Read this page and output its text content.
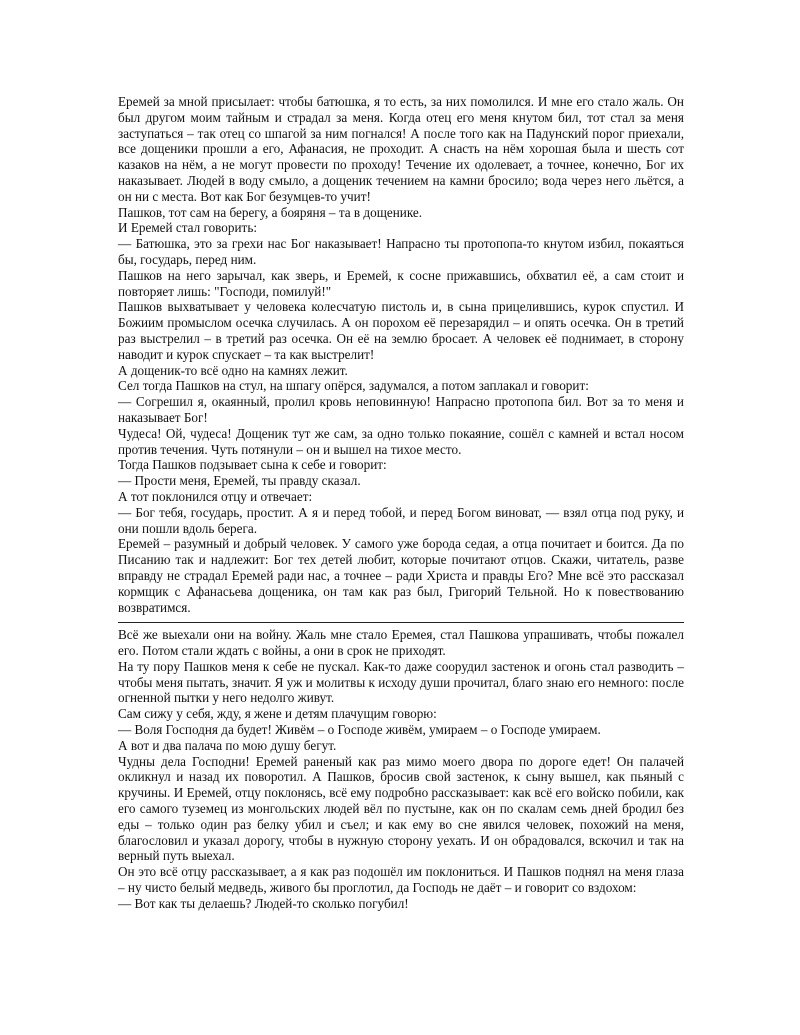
Еремей за мной присылает: чтобы батюшка, я то есть, за них помолился. И мне его стало жаль. Он был другом моим тайным и страдал за меня. Когда отец его меня кнутом бил, тот стал за меня заступаться – так отец со шпагой за ним погнался! А после того как на Падунский порог приехали, все дощеники прошли а его, Афанасия, не проходит. А снасть на нём хорошая была и шесть сот казаков на нём, а не могут провести по проходу! Течение их одолевает, а точнее, конечно, Бог их наказывает. Людей в воду смыло, а дощеник течением на камни бросило; вода через него льётся, а он ни с места. Вот как Бог безумцев-то учит!

Пашков, тот сам на берегу, а бояряня – та в дощенике.

И Еремей стал говорить:

— Батюшка, это за грехи нас Бог наказывает! Напрасно ты протопопа-то кнутом избил, покаяться бы, государь, перед ним.

Пашков на него зарычал, как зверь, и Еремей, к сосне прижавшись, обхватил её, а сам стоит и повторяет лишь: "Господи, помилуй!"

Пашков выхватывает у человека колесчатую пистоль и, в сына прицелившись, курок спустил. И Божиим промыслом осечка случилась. А он порохом её перезарядил – и опять осечка. Он в третий раз выстрелил – в третий раз осечка. Он её на землю бросает. А человек её поднимает, в сторону наводит и курок спускает – та как выстрелит!

А дощеник-то всё одно на камнях лежит.

Сел тогда Пашков на стул, на шпагу опёрся, задумался, а потом заплакал и говорит:

— Согрешил я, окаянный, пролил кровь неповинную! Напрасно протопопа бил. Вот за то меня и наказывает Бог!

Чудеса! Ой, чудеса! Дощеник тут же сам, за одно только покаяние, сошёл с камней и встал носом против течения. Чуть потянули – он и вышел на тихое место.

Тогда Пашков подзывает сына к себе и говорит:

— Прости меня, Еремей, ты правду сказал.

А тот поклонился отцу и отвечает:

— Бог тебя, государь, простит. А я и перед тобой, и перед Богом виноват, — взял отца под руку, и они пошли вдоль берега.

Еремей – разумный и добрый человек. У самого уже борода седая, а отца почитает и боится. Да по Писанию так и надлежит: Бог тех детей любит, которые почитают отцов. Скажи, читатель, разве вправду не страдал Еремей ради нас, а точнее – ради Христа и правды Его? Мне всё это рассказал кормщик с Афанасьева дощеника, он там как раз был, Григорий Тельной. Но к повествованию возвратимся.

Всё же выехали они на войну. Жаль мне стало Еремея, стал Пашкова упрашивать, чтобы пожалел его. Потом стали ждать с войны, а они в срок не приходят.

На ту пору Пашков меня к себе не пускал. Как-то даже соорудил застенок и огонь стал разводить – чтобы меня пытать, значит. Я уж и молитвы к исходу души прочитал, благо знаю его немного: после огненной пытки у него недолго живут.

Сам сижу у себя, жду, я жене и детям плачущим говорю:

— Воля Господня да будет! Живём – о Господе живём, умираем – о Господе умираем.

А вот и два палача по мою душу бегут.

Чудны дела Господни! Еремей раненый как раз мимо моего двора по дороге едет! Он палачей окликнул и назад их поворотил. А Пашков, бросив свой застенок, к сыну вышел, как пьяный с кручины. И Еремей, отцу поклонясь, всё ему подробно рассказывает: как всё его войско побили, как его самого туземец из монгольских людей вёл по пустыне, как он по скалам семь дней бродил без еды – только один раз белку убил и съел; и как ему во сне явился человек, похожий на меня, благословил и указал дорогу, чтобы в нужную сторону уехать. И он обрадовался, вскочил и так на верный путь выехал.

Он это всё отцу рассказывает, а я как раз подошёл им поклониться. И Пашков поднял на меня глаза – ну чисто белый медведь, живого бы проглотил, да Господь не даёт – и говорит со вздохом:

— Вот как ты делаешь? Людей-то сколько погубил!
